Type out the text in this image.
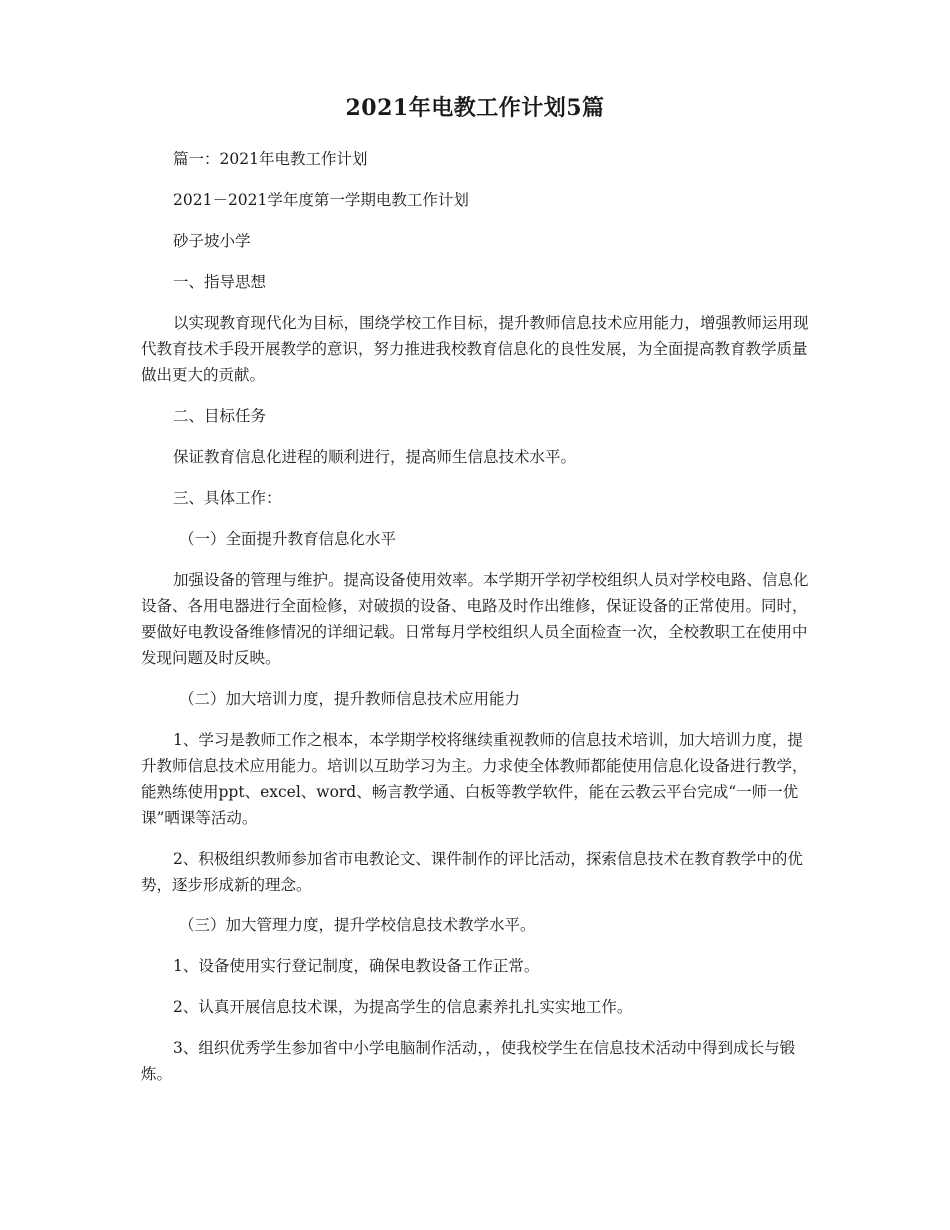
2021年电教工作计划5篇

篇一：2021年电教工作计划

2021－2021学年度第一学期电教工作计划

砂子坡小学

一、指导思想

以实现教育现代化为目标，围绕学校工作目标，提升教师信息技术应用能力，增强教师运用现代教育技术手段开展教学的意识，努力推进我校教育信息化的良性发展，为全面提高教育教学质量做出更大的贡献。

二、目标任务

保证教育信息化进程的顺利进行，提高师生信息技术水平。

三、具体工作：

（一）全面提升教育信息化水平

加强设备的管理与维护。提高设备使用效率。本学期开学初学校组织人员对学校电路、信息化设备、各用电器进行全面检修，对破损的设备、电路及时作出维修，保证设备的正常使用。同时，要做好电教设备维修情况的详细记载。日常每月学校组织人员全面检查一次，全校教职工在使用中发现问题及时反映。

（二）加大培训力度，提升教师信息技术应用能力

1、学习是教师工作之根本，本学期学校将继续重视教师的信息技术培训，加大培训力度，提升教师信息技术应用能力。培训以互助学习为主。力求使全体教师都能使用信息化设备进行教学，能熟练使用ppt、excel、word、畅言教学通、白板等教学软件，能在云教云平台完成“一师一优课”晒课等活动。

2、积极组织教师参加省市电教论文、课件制作的评比活动，探索信息技术在教育教学中的优势，逐步形成新的理念。

（三）加大管理力度，提升学校信息技术教学水平。

1、设备使用实行登记制度，确保电教设备工作正常。

2、认真开展信息技术课，为提高学生的信息素养扎扎实实地工作。

3、组织优秀学生参加省中小学电脑制作活动，，使我校学生在信息技术活动中得到成长与锻炼。
